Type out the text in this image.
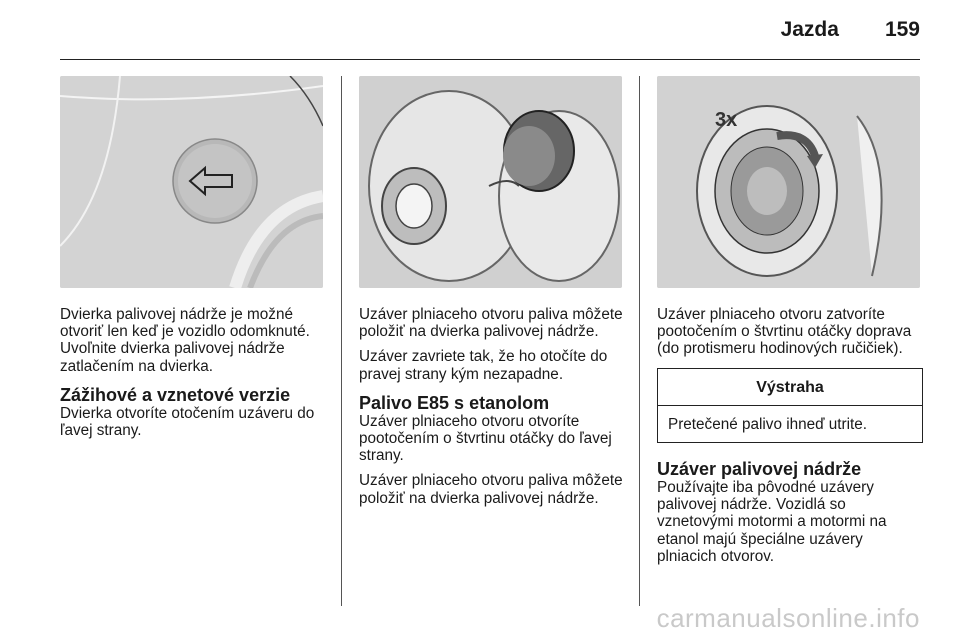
Jazda 159
3x

Dvierka palivovej nádrže je možné otvoriť len keď je vozidlo odomknuté. Uvoľnite dvierka palivovej nádrže zatlačením na dvierka.

Zážihové a vznetové verzie

Dvierka otvoríte otočením uzáveru do ľavej strany.

Uzáver plniaceho otvoru paliva môžete položiť na dvierka palivovej nádrže.

Uzáver zavriete tak, že ho otočíte do pravej strany kým nezapadne.

Palivo E85 s etanolom

Uzáver plniaceho otvoru otvoríte pootočením o štvrtinu otáčky do ľavej strany.

Uzáver plniaceho otvoru paliva môžete položiť na dvierka palivovej nádrže.

Uzáver plniaceho otvoru zatvoríte pootočením o štvrtinu otáčky doprava (do protismeru hodinových ručičiek).

Výstraha
Pretečené palivo ihneď utrite.
Uzáver palivovej nádrže

Používajte iba pôvodné uzávery palivovej nádrže. Vozidlá so vznetovými motormi a motormi na etanol majú špeciálne uzávery plniacich otvorov.

carmanualsonline.info
